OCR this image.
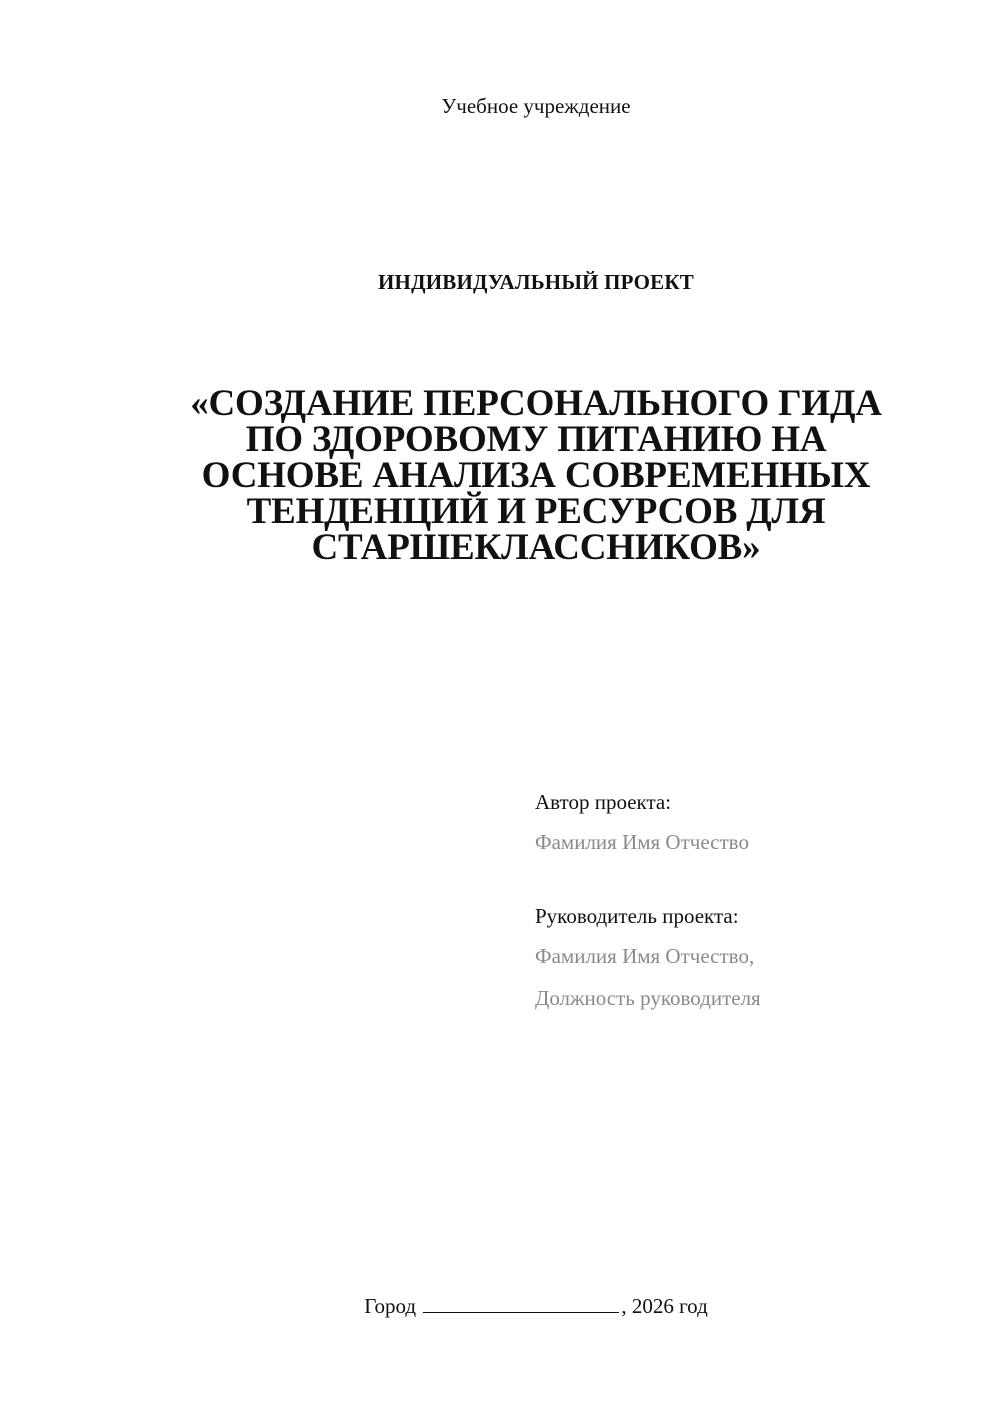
Учебное учреждение
ИНДИВИДУАЛЬНЫЙ ПРОЕКТ
«СОЗДАНИЕ ПЕРСОНАЛЬНОГО ГИДА
ПО ЗДОРОВОМУ ПИТАНИЮ НА
ОСНОВЕ АНАЛИЗА СОВРЕМЕННЫХ
ТЕНДЕНЦИЙ И РЕСУРСОВ ДЛЯ
СТАРШЕКЛАССНИКОВ»
Автор проекта:
Фамилия Имя Отчество
Руководитель проекта:
Фамилия Имя Отчество,
Должность руководителя
Город	, 2026 год
